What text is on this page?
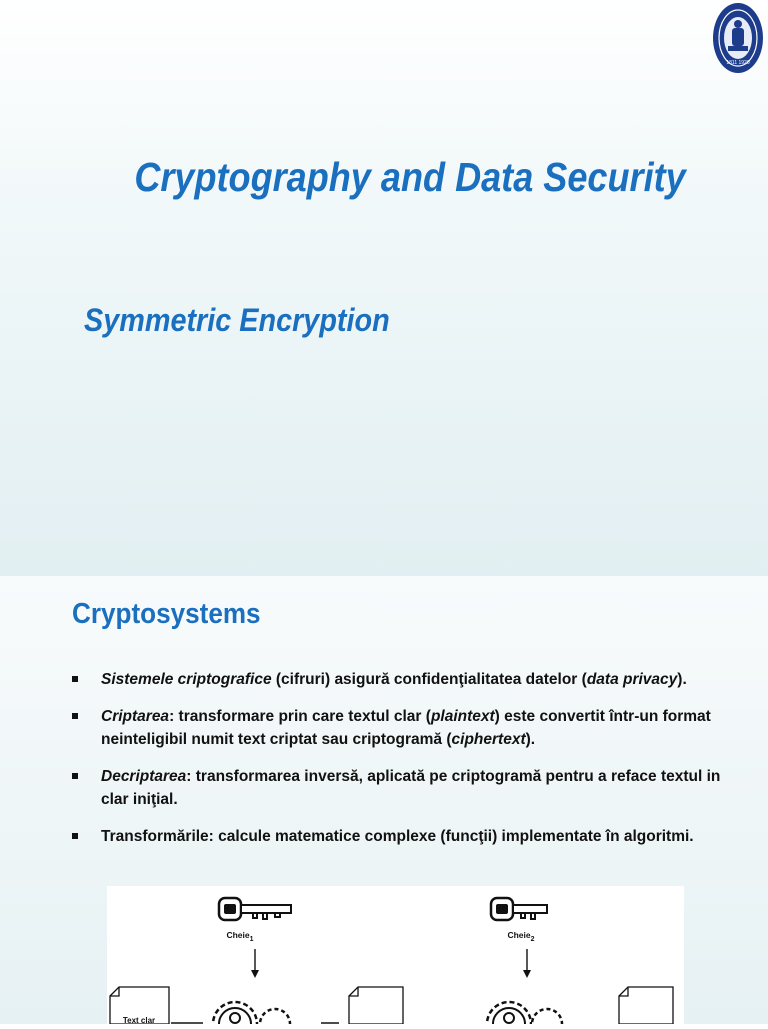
1811 1920
Cryptography and Data Security
Symmetric Encryption
Cryptosystems
Sistemele criptografice (cifruri) asigură confidenţialitatea datelor (data privacy).
Criptarea: transformare prin care textul clar (plaintext) este convertit într-un format neinteligibil numit text criptat sau criptogramă (ciphertext).
Decriptarea: transformarea inversă, aplicată pe criptogramă pentru a reface textul in clar iniţial.
Transformările: calcule matematice complexe (funcţii) implementate în algoritmi.
Cheie$_1$	Cheie$_2$
Text clar
